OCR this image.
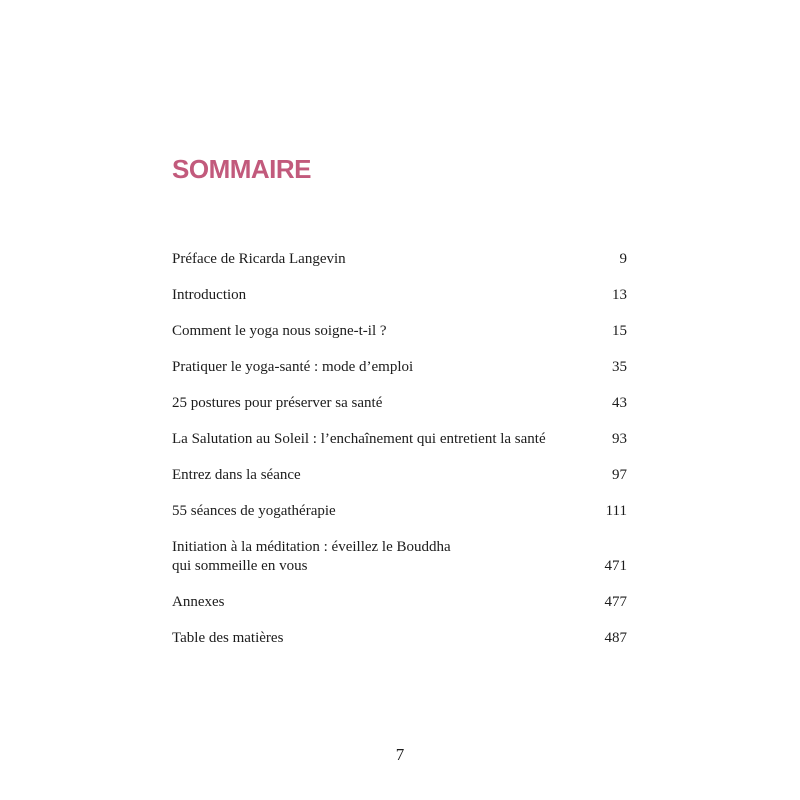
SOMMAIRE
Préface de Ricarda Langevin	9
Introduction	13
Comment le yoga nous soigne-t-il ?	15
Pratiquer le yoga-santé : mode d’emploi	35
25 postures pour préserver sa santé	43
La Salutation au Soleil : l’enchaînement qui entretient la santé	93
Entrez dans la séance	97
55 séances de yogathérapie	111
Initiation à la méditation : éveillez le Bouddha
qui sommeille en vous	471
Annexes	477
Table des matières	487
7
